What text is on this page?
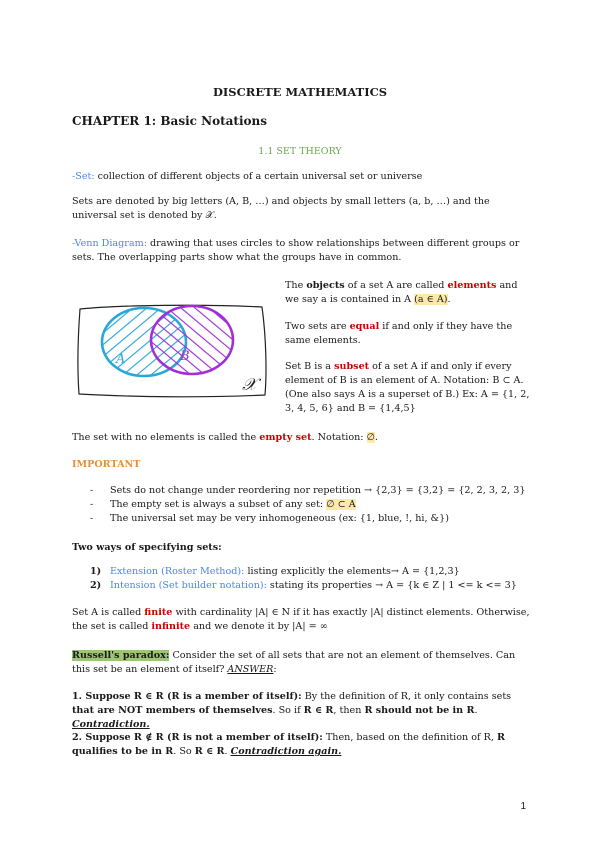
DISCRETE MATHEMATICS
CHAPTER 1: Basic Notations
1.1 SET THEORY
-Set: collection of different objects of a certain universal set or universe
Sets are denoted by big letters (A, B, …) and objects by small letters (a, b, …) and the universal set is denoted by 𝒳.
-Venn Diagram: drawing that uses circles to show relationships between different groups or sets. The overlapping parts show what the groups have in common.
A	B
𝒳
The objects of a set A are called elements and we say a is contained in A (a ∈ A).
Two sets are equal if and only if they have the same elements.
Set B is a subset of a set A if and only if every element of B is an element of A. Notation: B ⊂ A. (One also says A is a superset of B.) Ex: A = {1, 2, 3, 4, 5, 6} and B = {1,4,5}
The set with no elements is called the empty set. Notation: ∅.
IMPORTANT
- Sets do not change under reordering nor repetition → {2,3} = {3,2} = {2, 2, 3, 2, 3}
- The empty set is always a subset of any set: ∅ ⊂ A
- The universal set may be very inhomogeneous (ex: {1, blue, !, hi, &})
Two ways of specifying sets:
1) Extension (Roster Method): listing explicitly the elements→ A = {1,2,3}
2) Intension (Set builder notation): stating its properties → A = {k ∈ Z | 1 <= k <= 3}
Set A is called finite with cardinality |A| ∈ N if it has exactly |A| distinct elements. Otherwise, the set is called infinite and we denote it by |A| = ∞
Russell's paradox: Consider the set of all sets that are not an element of themselves. Can this set be an element of itself? ANSWER:
1. Suppose R ∈ R (R is a member of itself): By the definition of R, it only contains sets that are NOT members of themselves. So if R ∈ R, then R should not be in R. Contradiction.
2. Suppose R ∉ R (R is not a member of itself): Then, based on the definition of R, R qualifies to be in R. So R ∈ R. Contradiction again.
1
